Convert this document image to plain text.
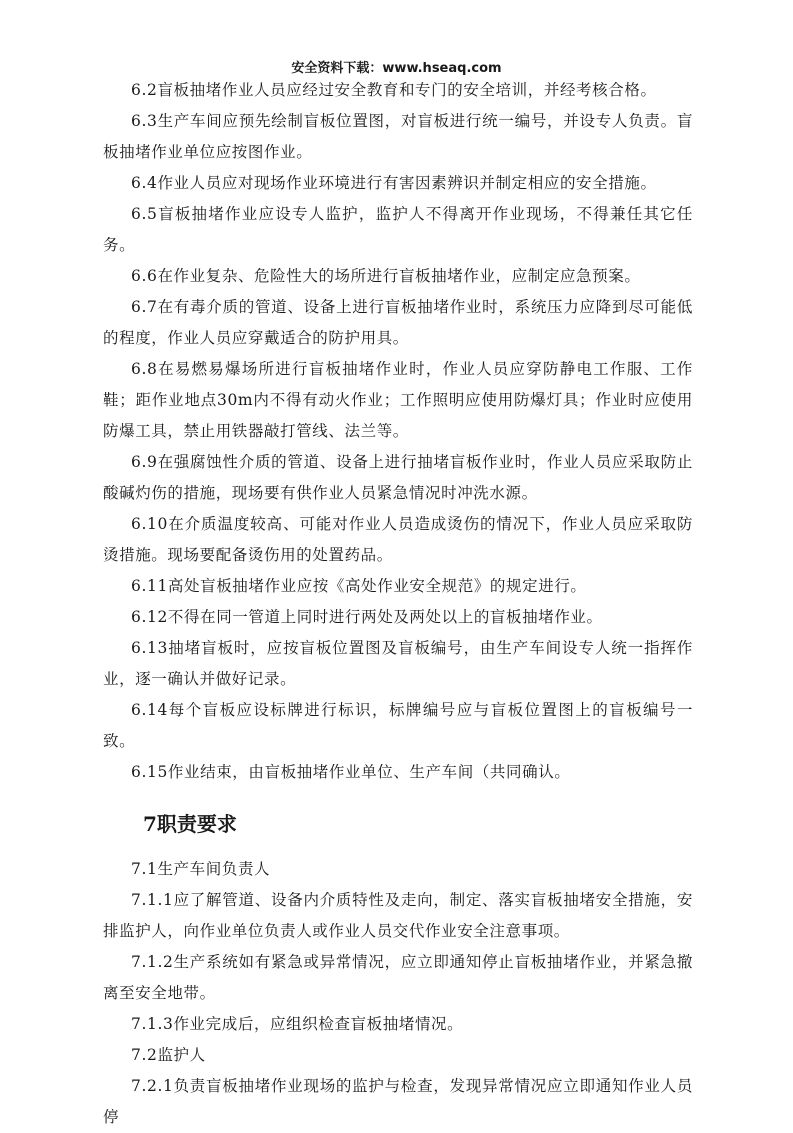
安全资料下载：www.hseaq.com

6.2盲板抽堵作业人员应经过安全教育和专门的安全培训，并经考核合格。

6.3生产车间应预先绘制盲板位置图，对盲板进行统一编号，并设专人负责。盲板抽堵作业单位应按图作业。

6.4作业人员应对现场作业环境进行有害因素辨识并制定相应的安全措施。

6.5盲板抽堵作业应设专人监护，监护人不得离开作业现场，不得兼任其它任务。

6.6在作业复杂、危险性大的场所进行盲板抽堵作业，应制定应急预案。

6.7在有毒介质的管道、设备上进行盲板抽堵作业时，系统压力应降到尽可能低的程度，作业人员应穿戴适合的防护用具。

6.8在易燃易爆场所进行盲板抽堵作业时，作业人员应穿防静电工作服、工作鞋；距作业地点30m内不得有动火作业；工作照明应使用防爆灯具；作业时应使用防爆工具，禁止用铁器敲打管线、法兰等。

6.9在强腐蚀性介质的管道、设备上进行抽堵盲板作业时，作业人员应采取防止酸碱灼伤的措施，现场要有供作业人员紧急情况时冲洗水源。

6.10在介质温度较高、可能对作业人员造成烫伤的情况下，作业人员应采取防烫措施。现场要配备烫伤用的处置药品。

6.11高处盲板抽堵作业应按《高处作业安全规范》的规定进行。

6.12不得在同一管道上同时进行两处及两处以上的盲板抽堵作业。

6.13抽堵盲板时，应按盲板位置图及盲板编号，由生产车间设专人统一指挥作业，逐一确认并做好记录。

6.14每个盲板应设标牌进行标识，标牌编号应与盲板位置图上的盲板编号一致。

6.15作业结束，由盲板抽堵作业单位、生产车间（共同确认。

7职责要求

7.1生产车间负责人

7.1.1应了解管道、设备内介质特性及走向，制定、落实盲板抽堵安全措施，安排监护人，向作业单位负责人或作业人员交代作业安全注意事项。

7.1.2生产系统如有紧急或异常情况，应立即通知停止盲板抽堵作业，并紧急撤离至安全地带。

7.1.3作业完成后，应组织检查盲板抽堵情况。

7.2监护人

7.2.1负责盲板抽堵作业现场的监护与检查，发现异常情况应立即通知作业人员停
